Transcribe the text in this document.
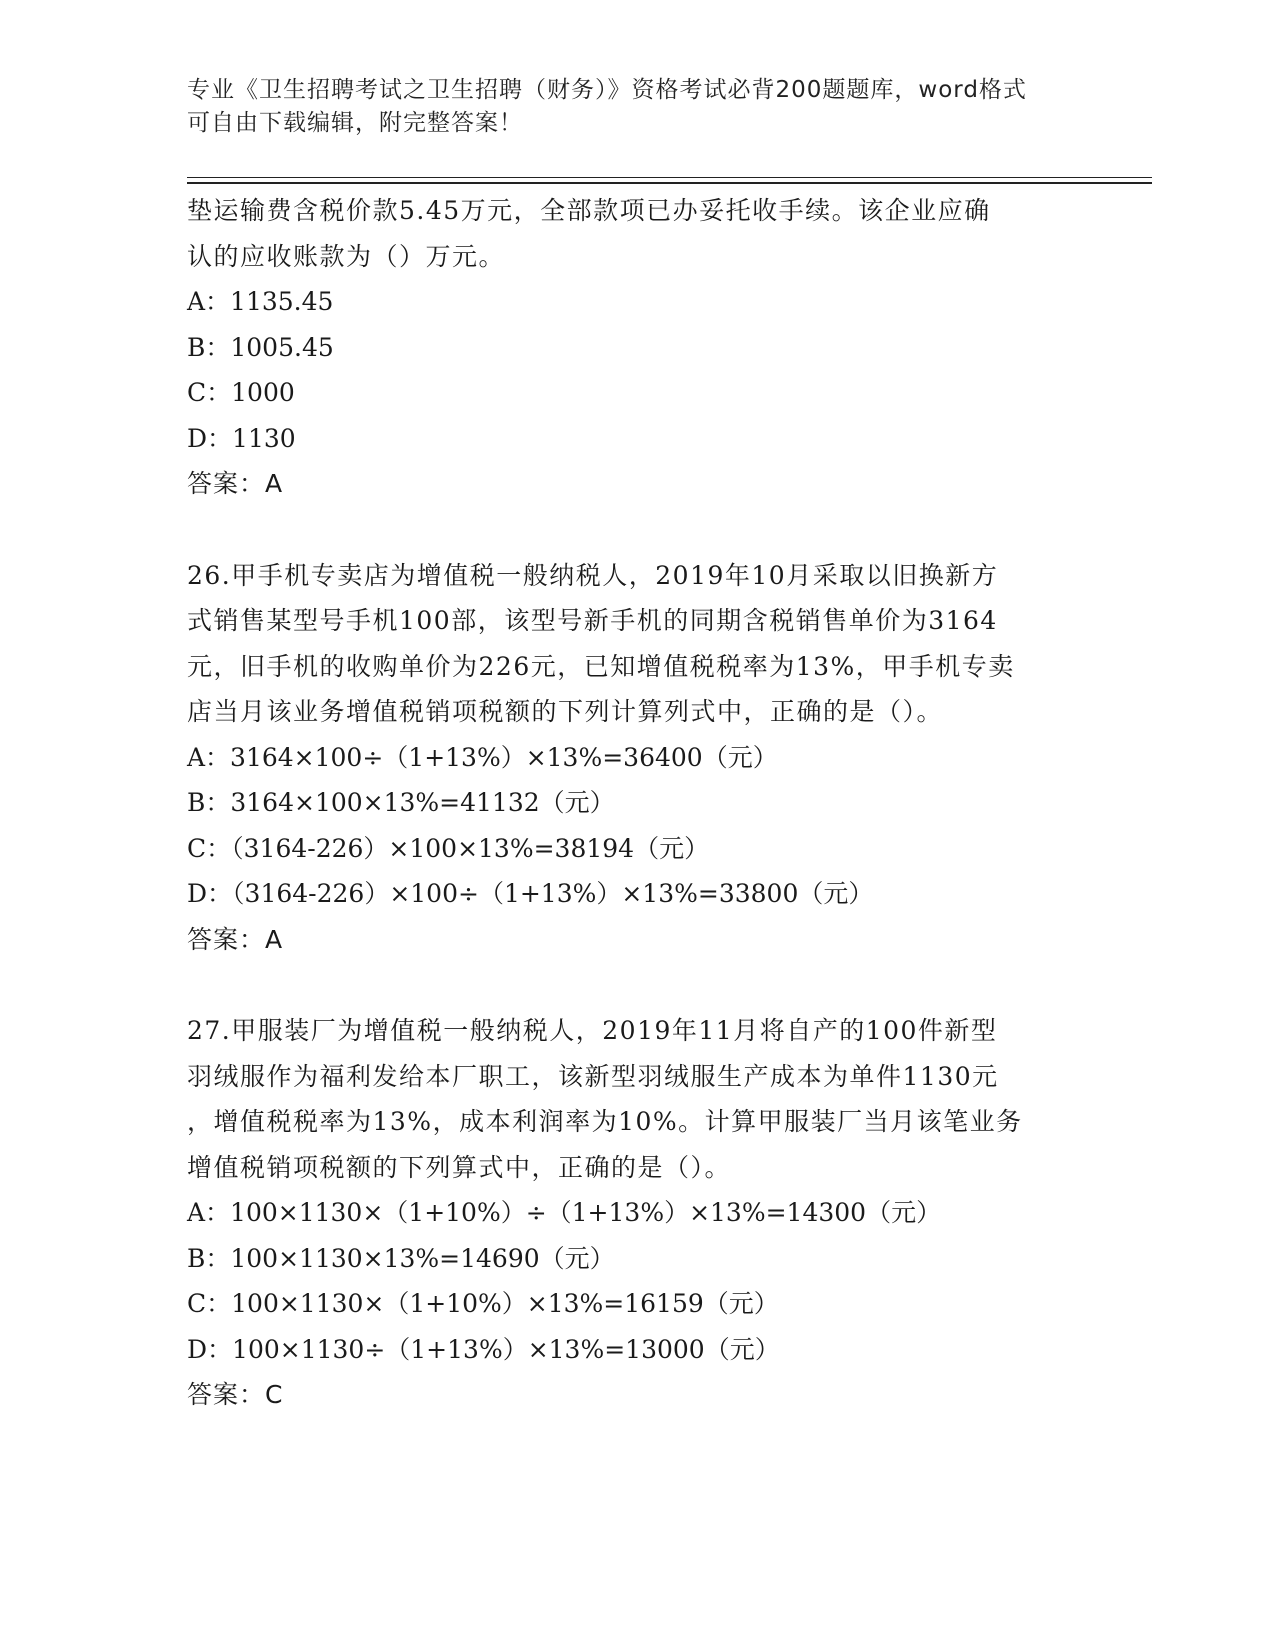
专业《卫生招聘考试之卫生招聘（财务）》资格考试必背200题题库，word格式
可自由下载编辑，附完整答案！

垫运输费含税价款5.45万元，全部款项已办妥托收手续。该企业应确
认的应收账款为（）万元。

A：1135.45

B：1005.45

C：1000

D：1130

答案：A

26.甲手机专卖店为增值税一般纳税人，2019年10月采取以旧换新方
式销售某型号手机100部，该型号新手机的同期含税销售单价为3164
元，旧手机的收购单价为226元，已知增值税税率为13%，甲手机专卖
店当月该业务增值税销项税额的下列计算列式中，正确的是（）。

A：3164×100÷（1+13%）×13%=36400（元）

B：3164×100×13%=41132（元）

C：（3164-226）×100×13%=38194（元）

D：（3164-226）×100÷（1+13%）×13%=33800（元）

答案：A

27.甲服装厂为增值税一般纳税人，2019年11月将自产的100件新型
羽绒服作为福利发给本厂职工，该新型羽绒服生产成本为单件1130元
，增值税税率为13%，成本利润率为10%。计算甲服装厂当月该笔业务
增值税销项税额的下列算式中，正确的是（）。

A：100×1130×（1+10%）÷（1+13%）×13%=14300（元）

B：100×1130×13%=14690（元）

C：100×1130×（1+10%）×13%=16159（元）

D：100×1130÷（1+13%）×13%=13000（元）

答案：C
